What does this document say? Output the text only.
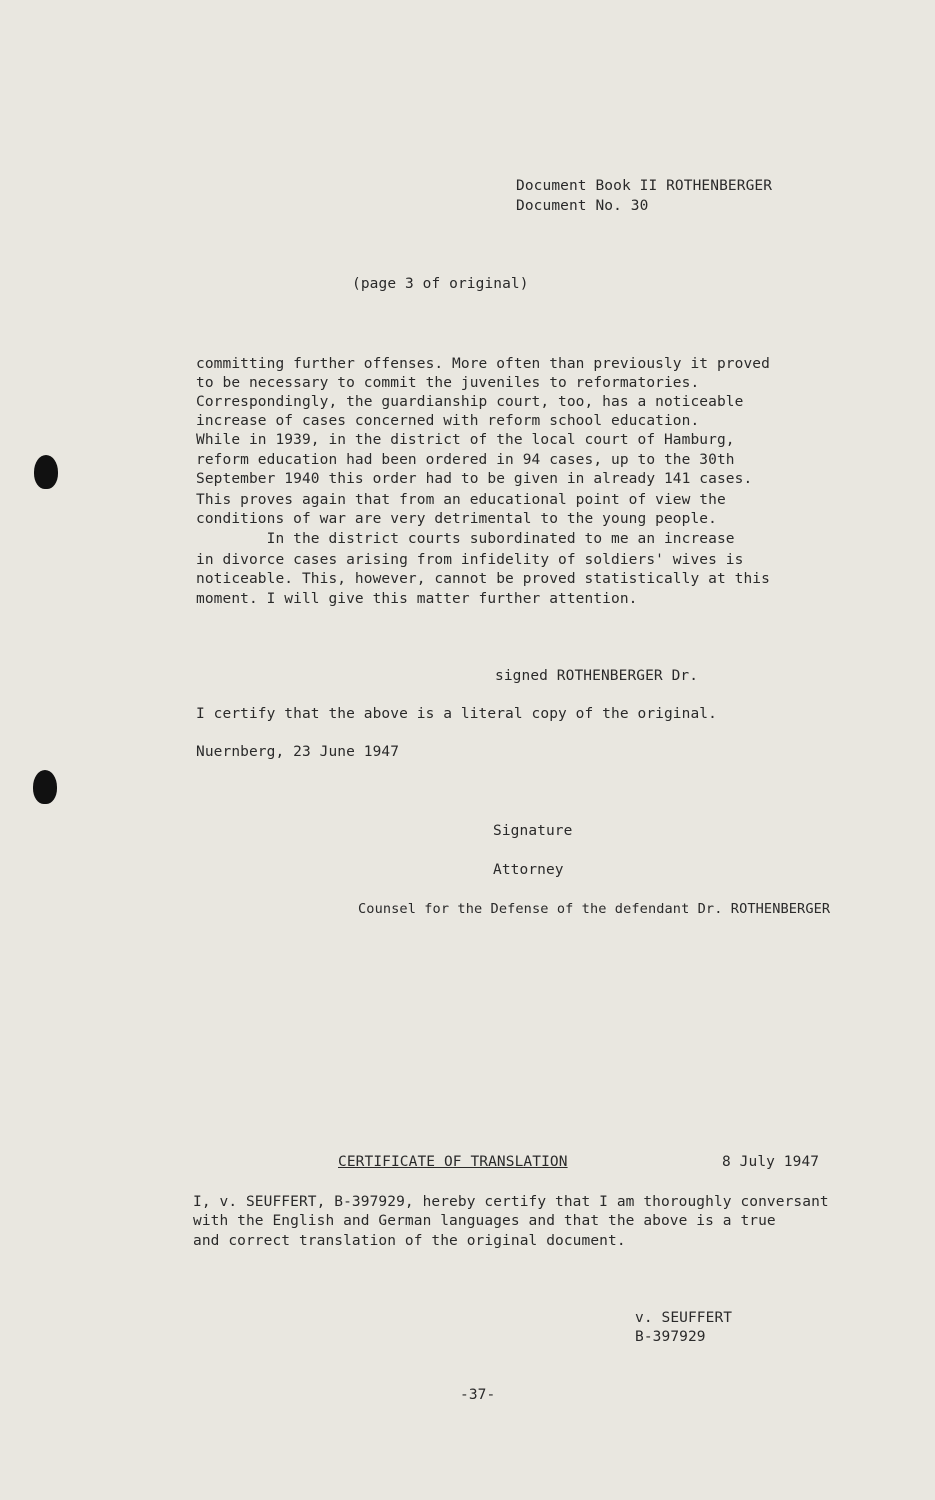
Document Book II ROTHENBERGER
Document No. 30
(page 3 of original)
committing further offenses. More often than previously it proved
to be necessary to commit the juveniles to reformatories.
Correspondingly, the guardianship court, too, has a noticeable
increase of cases concerned with reform school education.
While in 1939, in the district of the local court of Hamburg,
reform education had been ordered in 94 cases, up to the 30th
September 1940 this order had to be given in already 141 cases.
This proves again that from an educational point of view the
conditions of war are very detrimental to the young people.
In the district courts subordinated to me an increase
in divorce cases arising from infidelity of soldiers' wives is
noticeable. This, however, cannot be proved statistically at this
moment. I will give this matter further attention.
signed ROTHENBERGER Dr.
I certify that the above is a literal copy of the original.
Nuernberg, 23 June 1947
Signature
Attorney
Counsel for the Defense of the defendant Dr. ROTHENBERGER
CERTIFICATE OF TRANSLATION	8 July 1947
I, v. SEUFFERT, B-397929, hereby certify that I am thoroughly conversant
with the English and German languages and that the above is a true
and correct translation of the original document.
v. SEUFFERT
B-397929
-37-
